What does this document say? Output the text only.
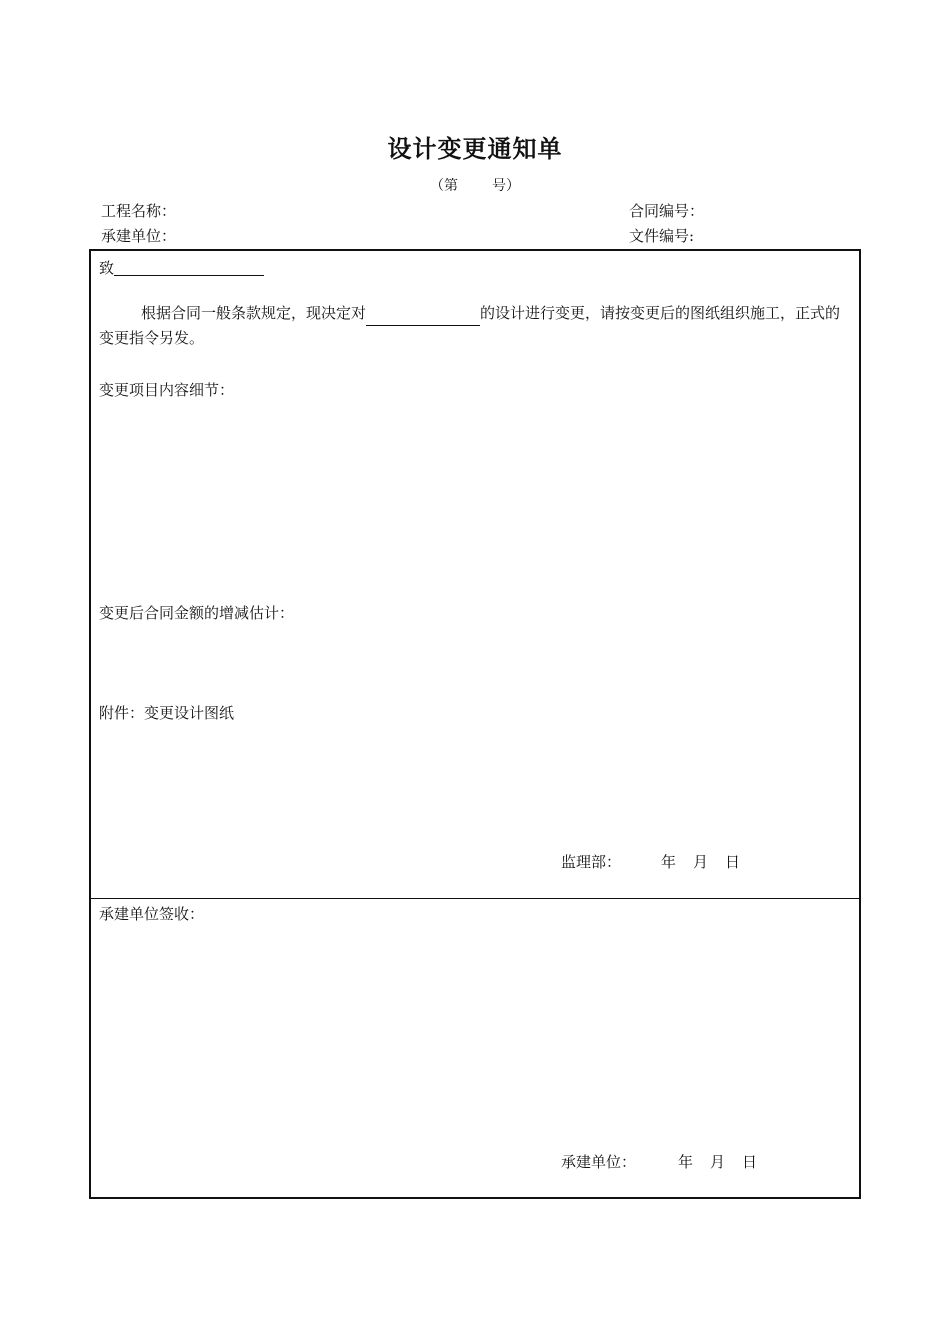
设计变更通知单
（第 号）
工程名称：	合同编号：
承建单位：	文件编号:
致
根据合同一般条款规定，现决定对	的设计进行变更，请按变更后的图纸组织施工，正式的变更指令另发。
变更项目内容细节：
变更后合同金额的增减估计：
附件：变更设计图纸
监理部：	年 月 日
承建单位签收：
承建单位：	年 月 日
